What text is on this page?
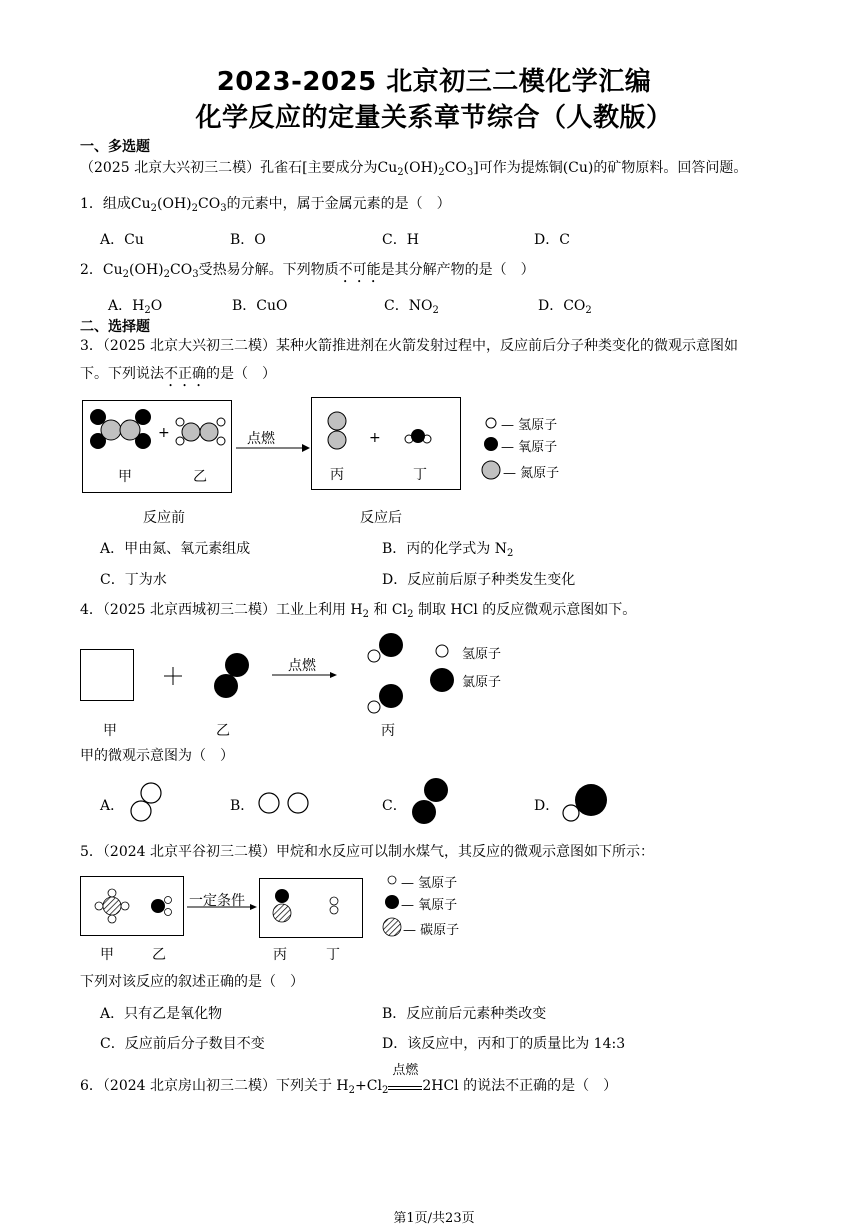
2023-2025 北京初三二模化学汇编
化学反应的定量关系章节综合（人教版）
一、多选题
（2025 北京大兴初三二模）孔雀石[主要成分为$Cu_2(OH)_2CO_3$]可作为提炼铜(Cu)的矿物原料。回答问题。
1．组成$Cu_2(OH)_2CO_3$的元素中，属于金属元素的是（　）
A．Cu	B．O	C．H	D．C
2．$Cu_2(OH)_2CO_3$受热易分解。下列物质不可能是其分解产物的是（　）
A．$H_2O$	B．CuO	C．$NO_2$	D．$CO_2$
二、选择题
3．（2025 北京大兴初三二模）某种火箭推进剂在火箭发射过程中，反应前后分子种类变化的微观示意图如
下。下列说法不正确的是（　）
+	+
点燃
甲	乙	丙	丁
— 氢原子
— 氧原子
— 氮原子
反应前	反应后
A．甲由氮、氧元素组成	B．丙的化学式为 $N_2$
C．丁为水	D．反应前后原子种类发生变化
4．（2025 北京西城初三二模）工业上利用 $H_2$ 和 $Cl_2$ 制取 HCl 的反应微观示意图如下。
点燃
氢原子
氯原子
甲	乙	丙
甲的微观示意图为（　）
A．	B．	C．	D．
5．（2024 北京平谷初三二模）甲烷和水反应可以制水煤气，其反应的微观示意图如下所示：
一定条件
— 氢原子
— 氧原子
— 碳原子
甲	乙	丙	丁
下列对该反应的叙述正确的是（　）
A．只有乙是氧化物	B．反应前后元素种类改变
C．反应前后分子数目不变	D．该反应中，丙和丁的质量比为 14:3
6．（2024 北京房山初三二模）下列关于 $H_2+Cl_2$
点燃
2HCl 的说法不正确的是（　）
第1页/共23页
